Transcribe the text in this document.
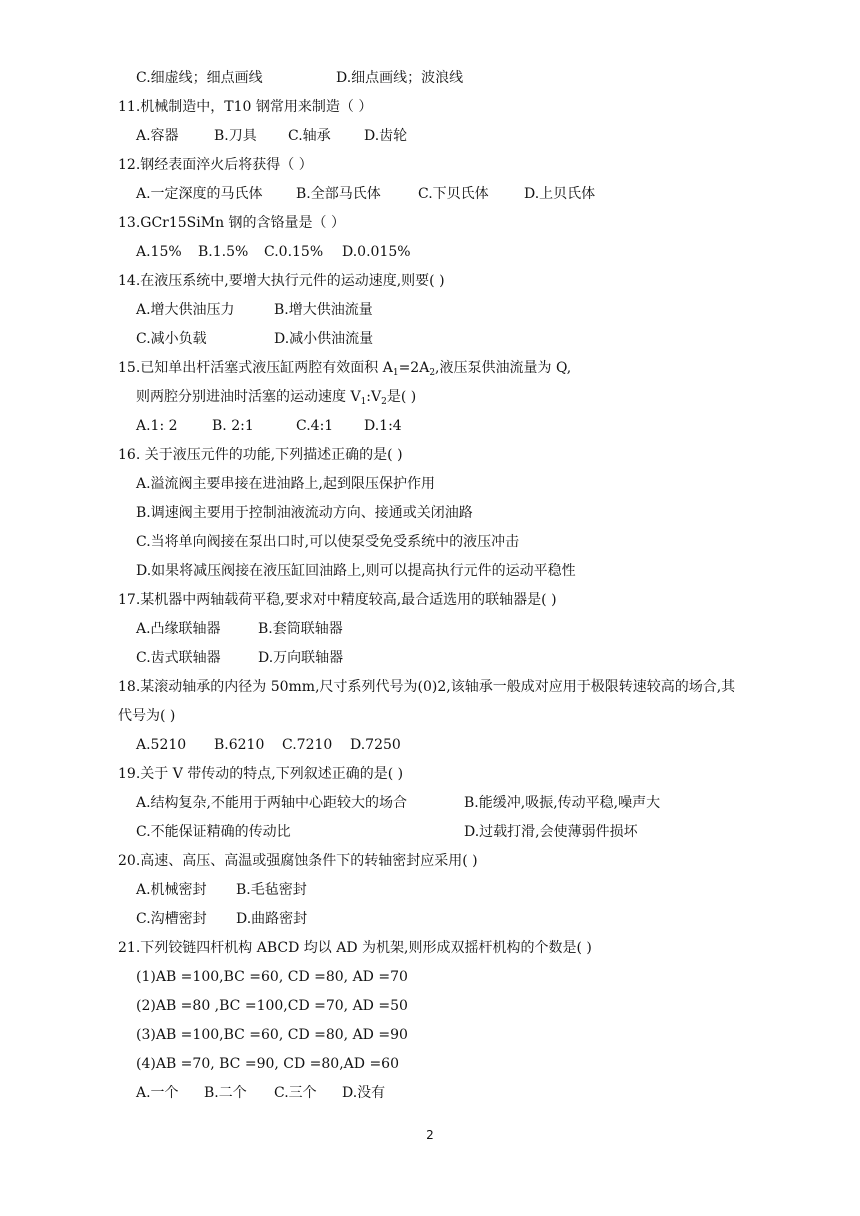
C.细虚线；细点画线	D.细点画线；波浪线
11.机械制造中，T10 钢常用来制造（ ）
A.容器	B.刀具 C.轴承 D.齿轮
12.钢经表面淬火后将获得（ ）
A.一定深度的马氏体 B.全部马氏体	C.下贝氏体	D.上贝氏体
13.GCr15SiMn 钢的含铬量是（ ）
A.15% B.1.5% C.0.15% D.0.015%
14.在液压系统中,要增大执行元件的运动速度,则要( )
A.增大供油压力	B.增大供油流量
C.减小负载	D.减小供油流量
15.已知单出杆活塞式液压缸两腔有效面积 $A_1=2A_2$,液压泵供油流量为 Q,
则两腔分别进油时活塞的运动速度 $V_1:V_2$是( )
A.1: 2 B. 2:1	C.4:1 D.1:4
16. 关于液压元件的功能,下列描述正确的是( )
A.溢流阀主要串接在进油路上,起到限压保护作用
B.调速阀主要用于控制油液流动方向、接通或关闭油路
C.当将单向阀接在泵出口时,可以使泵受免受系统中的液压冲击
D.如果将减压阀接在液压缸回油路上,则可以提高执行元件的运动平稳性
17.某机器中两轴载荷平稳,要求对中精度较高,最合适选用的联轴器是( )
A.凸缘联轴器	B.套筒联轴器
C.齿式联轴器	D.万向联轴器
18.某滚动轴承的内径为 50mm,尺寸系列代号为(0)2,该轴承一般成对应用于极限转速较高的场合,其
代号为( )
A.5210 B.6210 C.7210 D.7250
19.关于 V 带传动的特点,下列叙述正确的是( )
A.结构复杂,不能用于两轴中心距较大的场合	B.能缓冲,吸振,传动平稳,噪声大
C.不能保证精确的传动比	D.过载打滑,会使薄弱件损坏
20.高速、高压、高温或强腐蚀条件下的转轴密封应采用( )
A.机械密封 B.毛毡密封
C.沟槽密封 D.曲路密封
21.下列铰链四杆机构 ABCD 均以 AD 为机架,则形成双摇杆机构的个数是( )
(1)AB =100,BC =60, CD =80, AD =70
(2)AB =80 ,BC =100,CD =70, AD =50
(3)AB =100,BC =60, CD =80, AD =90
(4)AB =70, BC =90, CD =80,AD =60
A.一个 B.二个 C.三个 D.没有
2
